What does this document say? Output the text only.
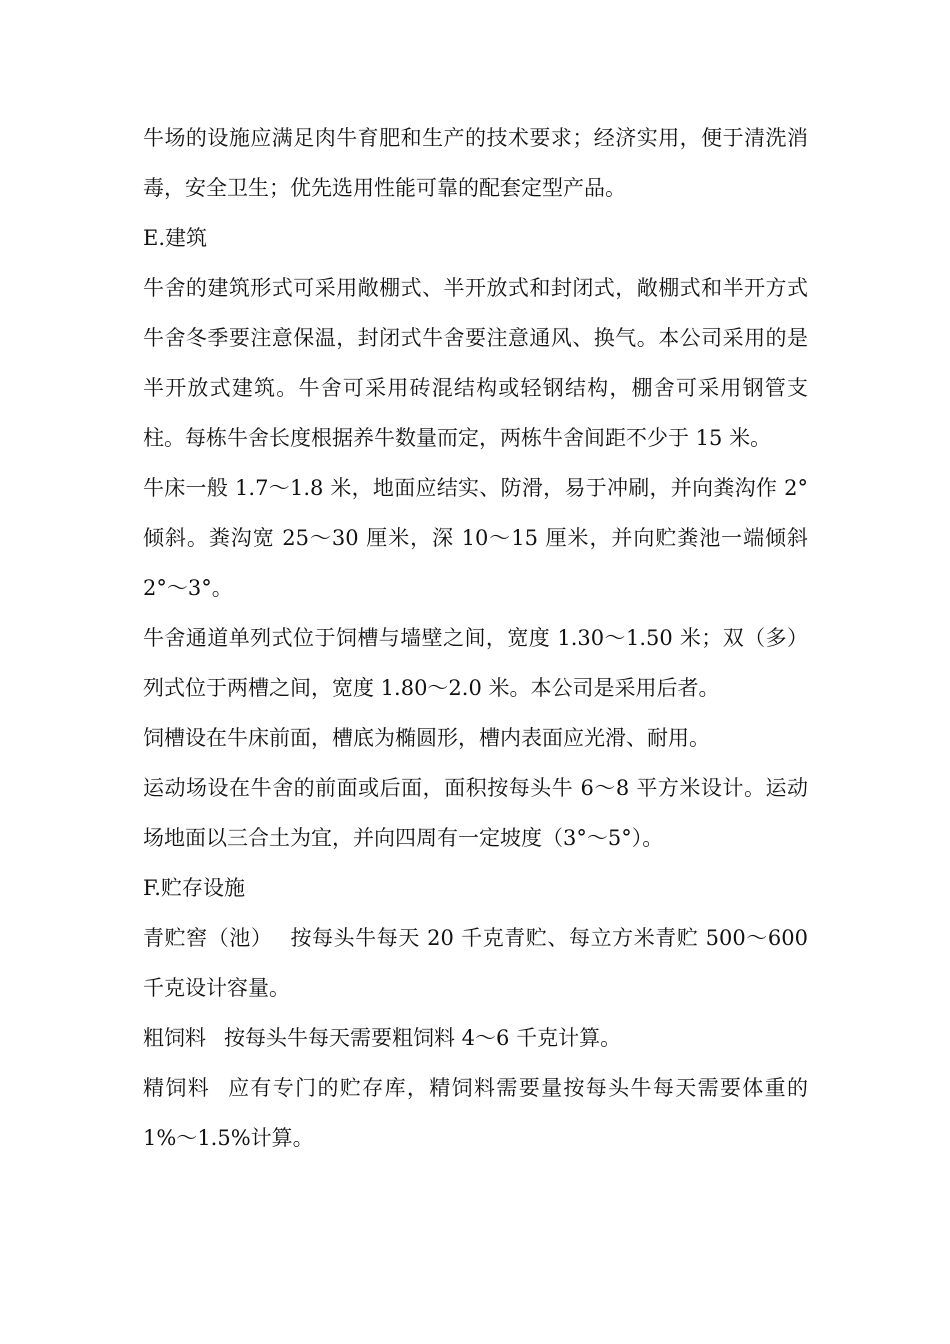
牛场的设施应满足肉牛育肥和生产的技术要求；经济实用，便于清洗消毒，安全卫生；优先选用性能可靠的配套定型产品。

E.建筑

牛舍的建筑形式可采用敞棚式、半开放式和封闭式，敞棚式和半开方式牛舍冬季要注意保温，封闭式牛舍要注意通风、换气。本公司采用的是半开放式建筑。牛舍可采用砖混结构或轻钢结构，棚舍可采用钢管支柱。每栋牛舍长度根据养牛数量而定，两栋牛舍间距不少于 15 米。

牛床一般 1.7～1.8 米，地面应结实、防滑，易于冲刷，并向粪沟作 2°倾斜。粪沟宽 25～30 厘米，深 10～15 厘米，并向贮粪池一端倾斜 2°～3°。

牛舍通道单列式位于饲槽与墙壁之间，宽度 1.30～1.50 米；双（多）列式位于两槽之间，宽度 1.80～2.0 米。本公司是采用后者。

饲槽设在牛床前面，槽底为椭圆形，槽内表面应光滑、耐用。

运动场设在牛舍的前面或后面，面积按每头牛 6～8 平方米设计。运动场地面以三合土为宜，并向四周有一定坡度（3°～5°）。

F.贮存设施

青贮窖（池） 按每头牛每天 20 千克青贮、每立方米青贮 500～600 千克设计容量。

粗饲料 按每头牛每天需要粗饲料 4～6 千克计算。

精饲料 应有专门的贮存库，精饲料需要量按每头牛每天需要体重的 1%～1.5%计算。
